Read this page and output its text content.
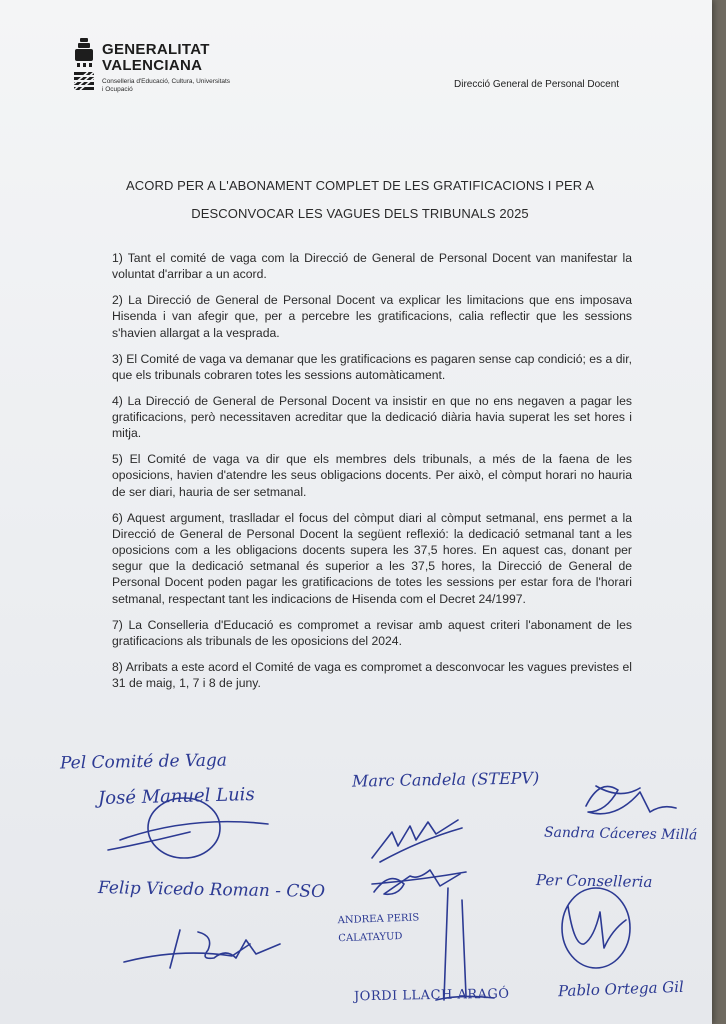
GENERALITAT
VALENCIANA
Conselleria d'Educació, Cultura, Universitats i Ocupació	Direcció General de Personal Docent
ACORD PER A L'ABONAMENT COMPLET DE LES GRATIFICACIONS I PER A
DESCONVOCAR LES VAGUES DELS TRIBUNALS 2025

1) Tant el comité de vaga com la Direcció de General de Personal Docent van manifestar la voluntat d'arribar a un acord.

2) La Direcció de General de Personal Docent va explicar les limitacions que ens imposava Hisenda i van afegir que, per a percebre les gratificacions, calia reflectir que les sessions s'havien allargat a la vesprada.

3) El Comité de vaga va demanar que les gratificacions es pagaren sense cap condició; es a dir, que els tribunals cobraren totes les sessions automàticament.

4) La Direcció de General de Personal Docent va insistir en que no ens negaven a pagar les gratificacions, però necessitaven acreditar que la dedicació diària havia superat les set hores i mitja.

5) El Comité de vaga va dir que els membres dels tribunals, a més de la faena de les oposicions, havien d'atendre les seus obligacions docents. Per això, el còmput horari no hauria de ser diari, hauria de ser setmanal.

6) Aquest argument, traslladar el focus del còmput diari al còmput setmanal, ens permet a la Direcció de General de Personal Docent la següent reflexió: la dedicació setmanal tant a les oposicions com a les obligacions docents supera les 37,5 hores. En aquest cas, donant per segur que la dedicació setmanal és superior a les 37,5 hores, la Direcció de General de Personal Docent poden pagar les gratificacions de totes les sessions per estar fora de l'horari setmanal, respectant tant les indicacions de Hisenda com el Decret 24/1997.

7) La Conselleria d'Educació es compromet a revisar amb aquest criteri l'abonament de les gratificacions als tribunals de les oposicions del 2024.

8) Arribats a este acord el Comité de vaga es compromet a desconvocar les vagues previstes el 31 de maig, 1, 7 i 8 de juny.

Pel Comité de Vaga
José Manuel Luis
Marc Candela (STEPV)
Sandra Cáceres Millá
Felip Vicedo Roman - CSO
ANDREA PERIS CALATAYUD
Per Conselleria
JORDI LLACH ARAGÓ	Pablo Ortega Gil
